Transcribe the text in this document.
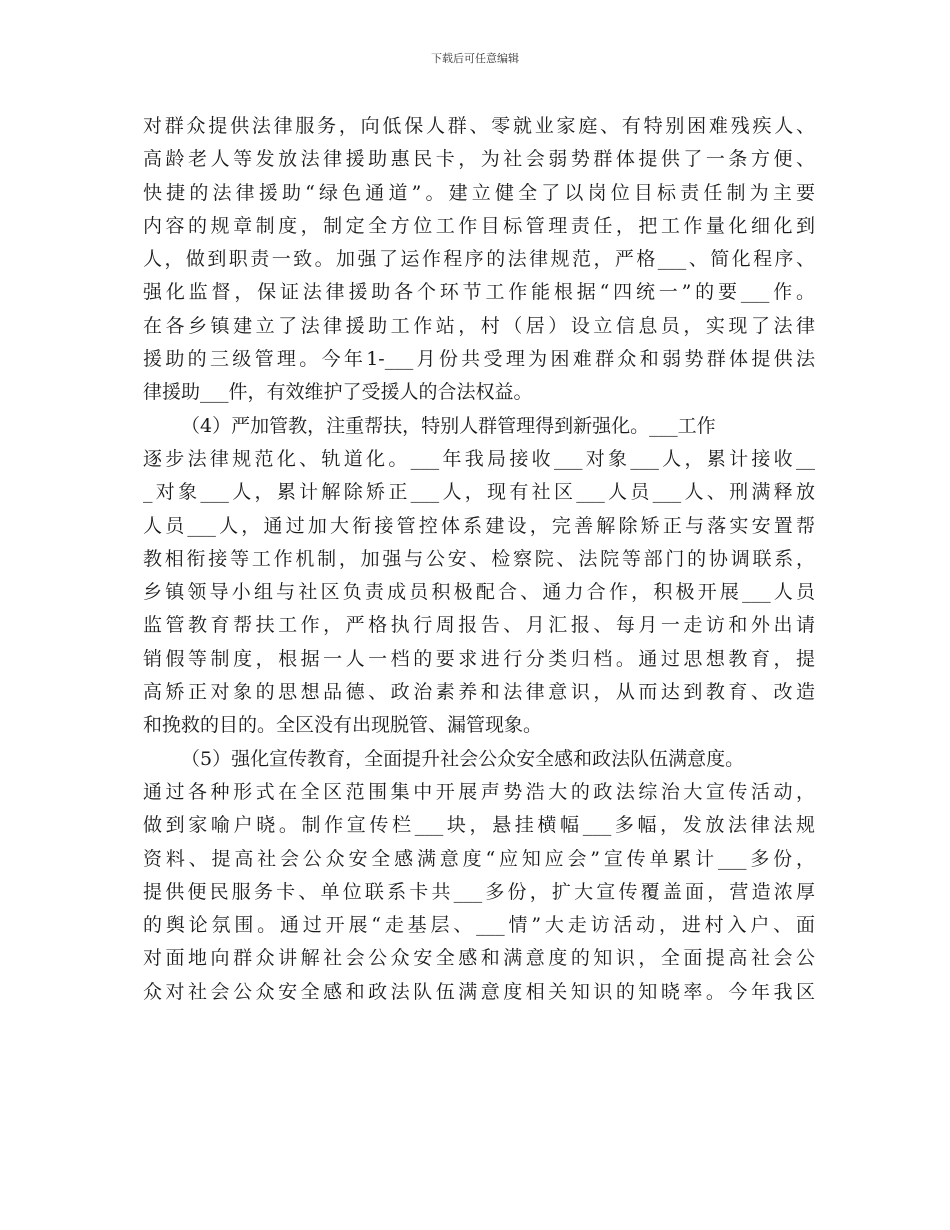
下载后可任意编辑
对群众提供法律服务，向低保人群、零就业家庭、有特别困难残疾人、
高龄老人等发放法律援助惠民卡，为社会弱势群体提供了一条方便、
快捷的法律援助“绿色通道”。建立健全了以岗位目标责任制为主要
内容的规章制度，制定全方位工作目标管理责任，把工作量化细化到
人，做到职责一致。加强了运作程序的法律规范，严格___、简化程序、
强化监督，保证法律援助各个环节工作能根据“四统一”的要___作。
在各乡镇建立了法律援助工作站，村（居）设立信息员，实现了法律
援助的三级管理。今年1-___月份共受理为困难群众和弱势群体提供法
律援助___件，有效维护了受援人的合法权益。
（4）严加管教，注重帮扶，特别人群管理得到新强化。___工作
逐步法律规范化、轨道化。___年我局接收___对象___人，累计接收__
_对象___人，累计解除矫正___人，现有社区___人员___人、刑满释放
人员___人，通过加大衔接管控体系建设，完善解除矫正与落实安置帮
教相衔接等工作机制，加强与公安、检察院、法院等部门的协调联系，
乡镇领导小组与社区负责成员积极配合、通力合作，积极开展___人员
监管教育帮扶工作，严格执行周报告、月汇报、每月一走访和外出请
销假等制度，根据一人一档的要求进行分类归档。通过思想教育，提
高矫正对象的思想品德、政治素养和法律意识，从而达到教育、改造
和挽救的目的。全区没有出现脱管、漏管现象。
（5）强化宣传教育，全面提升社会公众安全感和政法队伍满意度。
通过各种形式在全区范围集中开展声势浩大的政法综治大宣传活动，
做到家喻户晓。制作宣传栏___块，悬挂横幅___多幅，发放法律法规
资料、提高社会公众安全感满意度“应知应会”宣传单累计___多份，
提供便民服务卡、单位联系卡共___多份，扩大宣传覆盖面，营造浓厚
的舆论氛围。通过开展“走基层、___情”大走访活动，进村入户、面
对面地向群众讲解社会公众安全感和满意度的知识，全面提高社会公
众对社会公众安全感和政法队伍满意度相关知识的知晓率。今年我区
